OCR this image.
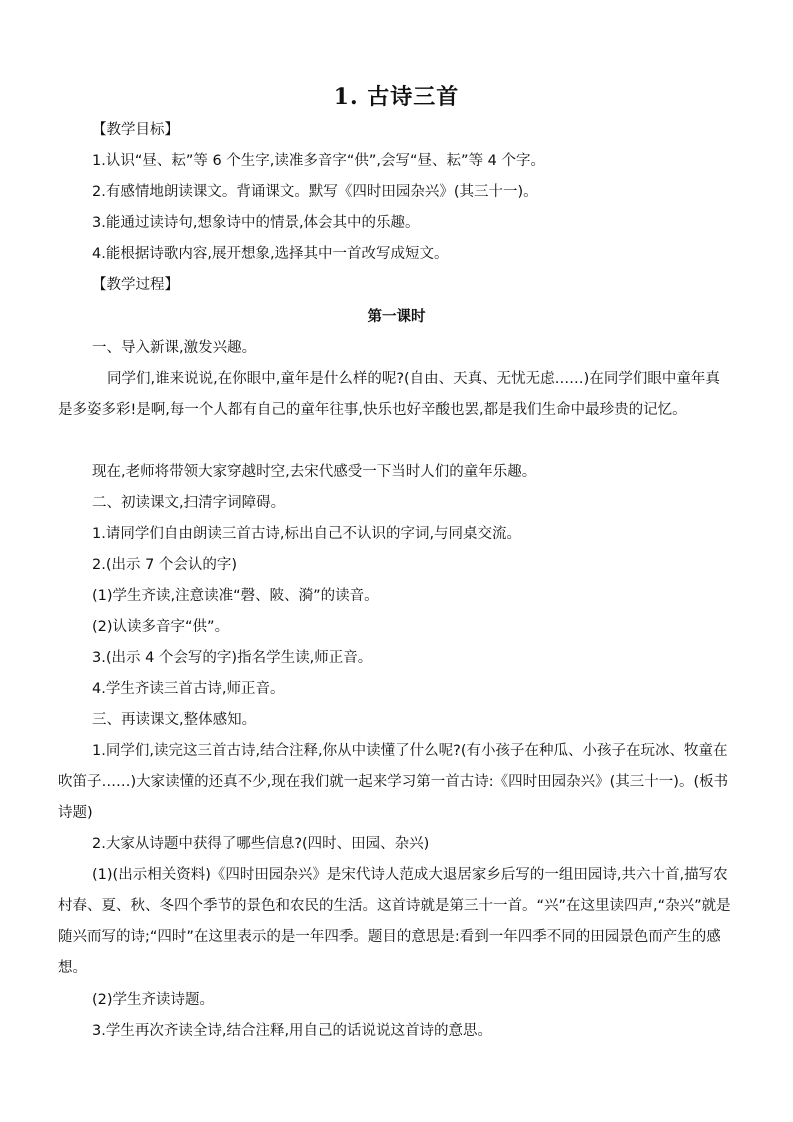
1. 古诗三首
【教学目标】
1.认识“昼、耘”等 6 个生字,读准多音字“供”,会写“昼、耘”等 4 个字。
2.有感情地朗读课文。背诵课文。默写《四时田园杂兴》(其三十一)。
3.能通过读诗句,想象诗中的情景,体会其中的乐趣。
4.能根据诗歌内容,展开想象,选择其中一首改写成短文。
【教学过程】
第一课时
一、导入新课,激发兴趣。
同学们,谁来说说,在你眼中,童年是什么样的呢?(自由、天真、无忧无虑……)在同学们眼中童年真是多姿多彩!是啊,每一个人都有自己的童年往事,快乐也好辛酸也罢,都是我们生命中最珍贵的记忆。
现在,老师将带领大家穿越时空,去宋代感受一下当时人们的童年乐趣。
二、初读课文,扫清字词障碍。
1.请同学们自由朗读三首古诗,标出自己不认识的字词,与同桌交流。
2.(出示 7 个会认的字)
(1)学生齐读,注意读准“磬、陂、漪”的读音。
(2)认读多音字“供”。
3.(出示 4 个会写的字)指名学生读,师正音。
4.学生齐读三首古诗,师正音。
三、再读课文,整体感知。
1.同学们,读完这三首古诗,结合注释,你从中读懂了什么呢?(有小孩子在种瓜、小孩子在玩冰、牧童在吹笛子……)大家读懂的还真不少,现在我们就一起来学习第一首古诗:《四时田园杂兴》(其三十一)。(板书诗题)
2.大家从诗题中获得了哪些信息?(四时、田园、杂兴)
(1)(出示相关资料)《四时田园杂兴》是宋代诗人范成大退居家乡后写的一组田园诗,共六十首,描写农村春、夏、秋、冬四个季节的景色和农民的生活。这首诗就是第三十一首。“兴”在这里读四声,“杂兴”就是随兴而写的诗;“四时”在这里表示的是一年四季。题目的意思是:看到一年四季不同的田园景色而产生的感想。
(2)学生齐读诗题。
3.学生再次齐读全诗,结合注释,用自己的话说说这首诗的意思。
